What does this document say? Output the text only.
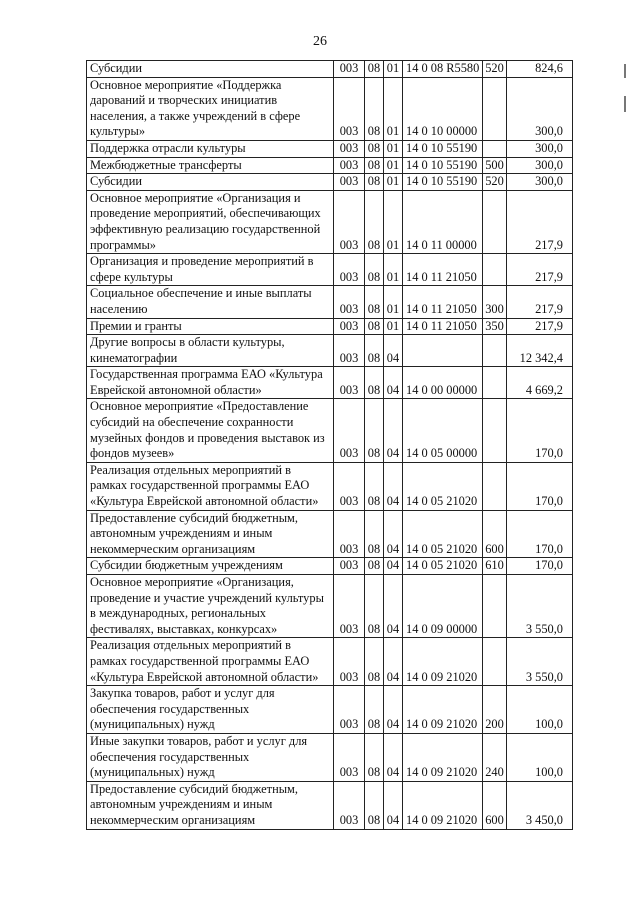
26
Субсидии	003	08	01	14 0 08 R5580	520	824,6
Основное мероприятие «Поддержка дарований и творческих инициатив населения, а также учреждений в сфере культуры»	003	08	01	14 0 10 00000		300,0
Поддержка отрасли культуры	003	08	01	14 0 10 55190		300,0
Межбюджетные трансферты	003	08	01	14 0 10 55190	500	300,0
Субсидии	003	08	01	14 0 10 55190	520	300,0
Основное мероприятие «Организация и проведение мероприятий, обеспечивающих эффективную реализацию государственной программы»	003	08	01	14 0 11 00000		217,9
Организация и проведение мероприятий в сфере культуры	003	08	01	14 0 11 21050		217,9
Социальное обеспечение и иные выплаты населению	003	08	01	14 0 11 21050	300	217,9
Премии и гранты	003	08	01	14 0 11 21050	350	217,9
Другие вопросы в области культуры, кинематографии	003	08	04			12 342,4
Государственная программа ЕАО «Культура Еврейской автономной области»	003	08	04	14 0 00 00000		4 669,2
Основное мероприятие «Предоставление субсидий на обеспечение сохранности музейных фондов и проведения выставок из фондов музеев»	003	08	04	14 0 05 00000		170,0
Реализация отдельных мероприятий в рамках государственной программы ЕАО «Культура Еврейской автономной области»	003	08	04	14 0 05 21020		170,0
Предоставление субсидий бюджетным, автономным учреждениям и иным некоммерческим организациям	003	08	04	14 0 05 21020	600	170,0
Субсидии бюджетным учреждениям	003	08	04	14 0 05 21020	610	170,0
Основное мероприятие «Организация, проведение и участие учреждений культуры в международных, региональных фестивалях, выставках, конкурсах»	003	08	04	14 0 09 00000		3 550,0
Реализация отдельных мероприятий в рамках государственной программы ЕАО «Культура Еврейской автономной области»	003	08	04	14 0 09 21020		3 550,0
Закупка товаров, работ и услуг для обеспечения государственных (муниципальных) нужд	003	08	04	14 0 09 21020	200	100,0
Иные закупки товаров, работ и услуг для обеспечения государственных (муниципальных) нужд	003	08	04	14 0 09 21020	240	100,0
Предоставление субсидий бюджетным, автономным учреждениям и иным некоммерческим организациям	003	08	04	14 0 09 21020	600	3 450,0
